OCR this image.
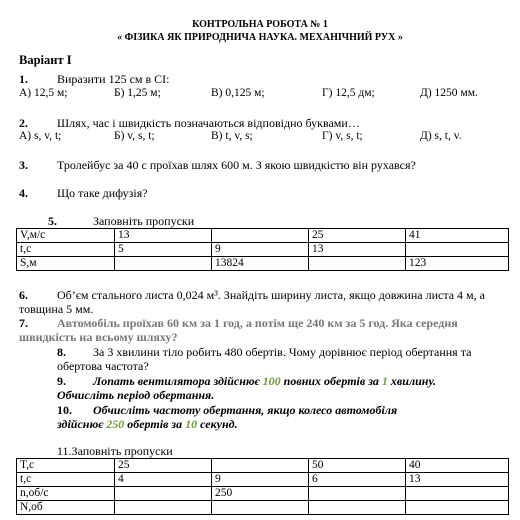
КОНТРОЛЬНА РОБОТА № 1
« ФІЗИКА ЯК ПРИРОДНИЧА НАУКА. МЕХАНІЧНИЙ РУХ »
Варіант І
1. Виразити 125 см в СІ:
А) 12,5 м;	Б) 1,25 м;	В) 0,125 м;	Г) 12,5 дм;	Д) 1250 мм.
2. Шлях, час і швидкість позначаються відповідно буквами…
А) s, v, t;	Б) v, s, t;	В) t, v, s;	Г) v, s, t;	Д) s, t, v.
3. Тролейбус за 40 с проїхав шлях 600 м. З якою швидкістю він рухався?
4. Що таке дифузія?
5.	Заповніть пропуски
V,м/с	13		25	41
t,c	5	9	13	
S,м		13824		123
6. Об’єм стального листа 0,024 м³. Знайдіть ширину листа, якщо довжина листа 4 м, а
товщина 5 мм.
7. Автомобіль проїхав 60 км за 1 год, а потім ще 240 км за 5 год. Яка середня
швидкість на всьому шляху?
8. За 3 хвилини тіло робить 480 обертів. Чому дорівнює період обертання та
обертова частота?
9. Лопать вентилятора здійснює 100 повних обертів за 1 хвилину.
Обчисліть період обертання.
10. Обчисліть частоту обертання, якщо колесо автомобіля
здійснює 250 обертів за 10 секунд.
11.Заповніть пропуски
T,c	25		50	40
t,c	4	9	6	13
n,об/с		250		
N,об				
